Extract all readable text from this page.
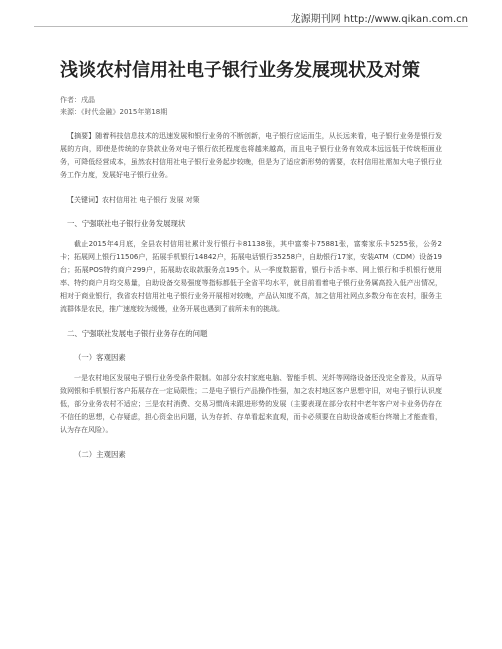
龙源期刊网 http://www.qikan.com.cn
浅谈农村信用社电子银行业务发展现状及对策
作者：戌晶
来源：《时代金融》2015年第18期
【摘要】随着科技信息技术的迅速发展和银行业务的不断创新，电子银行应运而生，从长远来看，电子银行业务是银行发展的方向，即使是传统的存贷款业务对电子银行依托程度也将越来越高，而且电子银行业务有效成本远远低于传统柜面业务，可降低经营成本，虽然农村信用社电子银行业务起步较晚，但是为了适应新形势的需要，农村信用社需加大电子银行业务工作力度，发展好电子银行业务。
【关键词】农村信用社 电子银行 发展 对策
一、宁强联社电子银行业务发展现状
截止2015年4月底，全县农村信用社累计发行银行卡81138张，其中富秦卡75881张，富秦家乐卡5255张，公务2卡；拓展网上银行11506户，拓展手机银行14842户，拓展电话银行35258户，自助银行17家，安装ATM（CDM）设备19台；拓展POS特约商户299户，拓展助农取款服务点195个。从一季度数据看，银行卡活卡率、网上银行和手机银行使用率、特约商户月均交易量，自助设备交易强度等指标都低于全省平均水平，就目前看着电子银行业务属高投入低产出情况，相对于商业银行，我省农村信用社电子银行业务开展相对较晚，产品认知度不高，加之信用社网点多数分布在农村，服务主流群体是农民，推广速度较为缓慢，业务开展也遇到了前所未有的挑战。
二、宁强联社发展电子银行业务存在的问题
（一）客观因素
一是农村地区发展电子银行业务受条件限制。如部分农村家庭电脑、智能手机、光纤等网络设备还没完全普及，从而导致网银和手机银行客户拓展存在一定局限性；二是电子银行产品操作性强，加之农村地区客户思想守旧，对电子银行认识度低，部分业务农村不适应；三是农村消费、交易习惯尚未跟进形势的发展（主要表现在部分农村中老年客户对卡业务仍存在不信任的思想，心存疑虑，担心资金出问题，认为存折、存单看起来直观，而卡必须要在自助设备或柜台终端上才能查看，认为存在风险）。
（二）主观因素
